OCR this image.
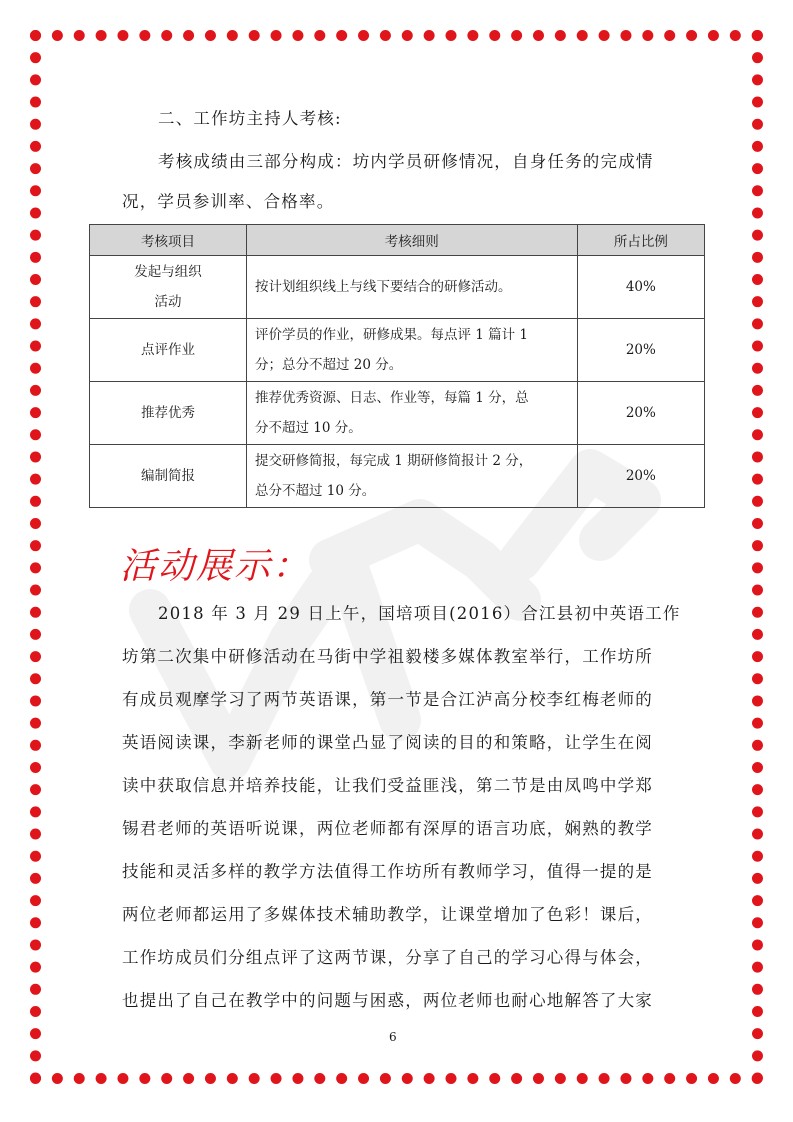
二、工作坊主持人考核:
考核成绩由三部分构成：坊内学员研修情况，自身任务的完成情
况，学员参训率、合格率。
考核项目	考核细则	所占比例

发起与组织
活动	按计划组织线上与线下要结合的研修活动。	40%

点评作业	评价学员的作业，研修成果。每点评 1 篇计 1
分；总分不超过 20 分。	20%

推荐优秀	推荐优秀资源、日志、作业等，每篇 1 分，总
分不超过 10 分。	20%

编制简报	提交研修简报，每完成 1 期研修简报计 2 分，
总分不超过 10 分。	20%
活动展示：
2018 年 3 月 29 日上午，国培项目(2016）合江县初中英语工作
坊第二次集中研修活动在马街中学祖毅楼多媒体教室举行，工作坊所
有成员观摩学习了两节英语课，第一节是合江泸高分校李红梅老师的
英语阅读课，李新老师的课堂凸显了阅读的目的和策略，让学生在阅
读中获取信息并培养技能，让我们受益匪浅，第二节是由凤鸣中学郑
锡君老师的英语听说课，两位老师都有深厚的语言功底，娴熟的教学
技能和灵活多样的教学方法值得工作坊所有教师学习，值得一提的是
两位老师都运用了多媒体技术辅助教学，让课堂增加了色彩！课后，
工作坊成员们分组点评了这两节课，分享了自己的学习心得与体会，
也提出了自己在教学中的问题与困惑，两位老师也耐心地解答了大家
6
